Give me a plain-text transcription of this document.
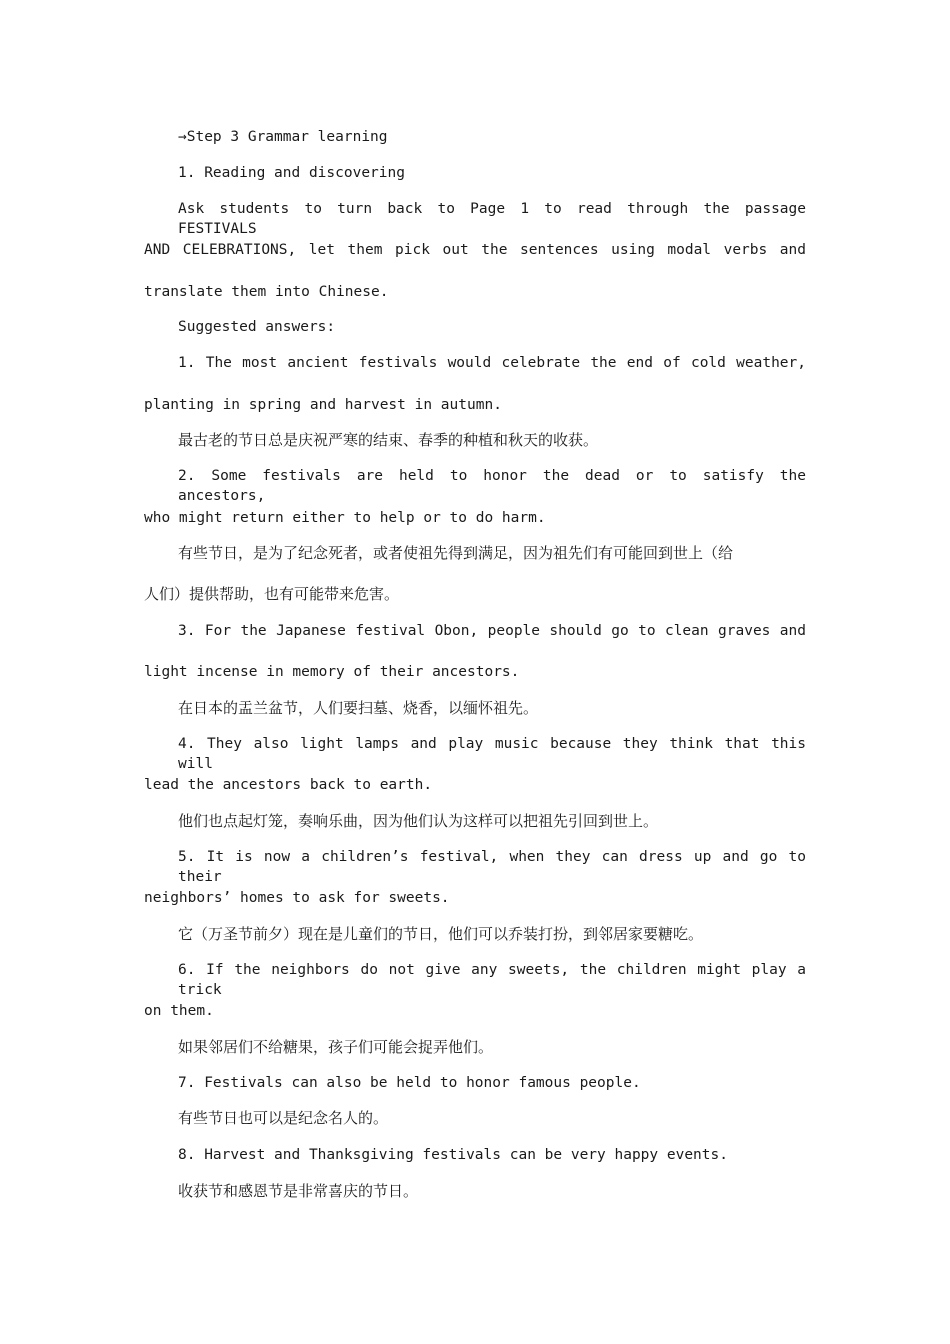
→Step 3 Grammar learning
1. Reading and discovering
Ask students to turn back to Page 1 to read through the passage FESTIVALS
AND CELEBRATIONS, let them pick out the sentences using modal verbs and
translate them into Chinese.
Suggested answers:
1. The most ancient festivals would celebrate the end of cold weather,
planting in spring and harvest in autumn.
最古老的节日总是庆祝严寒的结束、春季的种植和秋天的收获。
2. Some festivals are held to honor the dead or to satisfy the ancestors,
who might return either to help or to do harm.
有些节日，是为了纪念死者，或者使祖先得到满足，因为祖先们有可能回到世上（给
人们）提供帮助，也有可能带来危害。
3. For the Japanese festival Obon, people should go to clean graves and
light incense in memory of their ancestors.
在日本的盂兰盆节，人们要扫墓、烧香，以缅怀祖先。
4. They also light lamps and play music because they think that this will
lead the ancestors back to earth.
他们也点起灯笼，奏响乐曲，因为他们认为这样可以把祖先引回到世上。
5. It is now a children’s festival, when they can dress up and go to their
neighbors’ homes to ask for sweets.
它（万圣节前夕）现在是儿童们的节日，他们可以乔装打扮，到邻居家要糖吃。
6. If the neighbors do not give any sweets, the children might play a trick
on them.
如果邻居们不给糖果，孩子们可能会捉弄他们。
7. Festivals can also be held to honor famous people.
有些节日也可以是纪念名人的。
8. Harvest and Thanksgiving festivals can be very happy events.
收获节和感恩节是非常喜庆的节日。
